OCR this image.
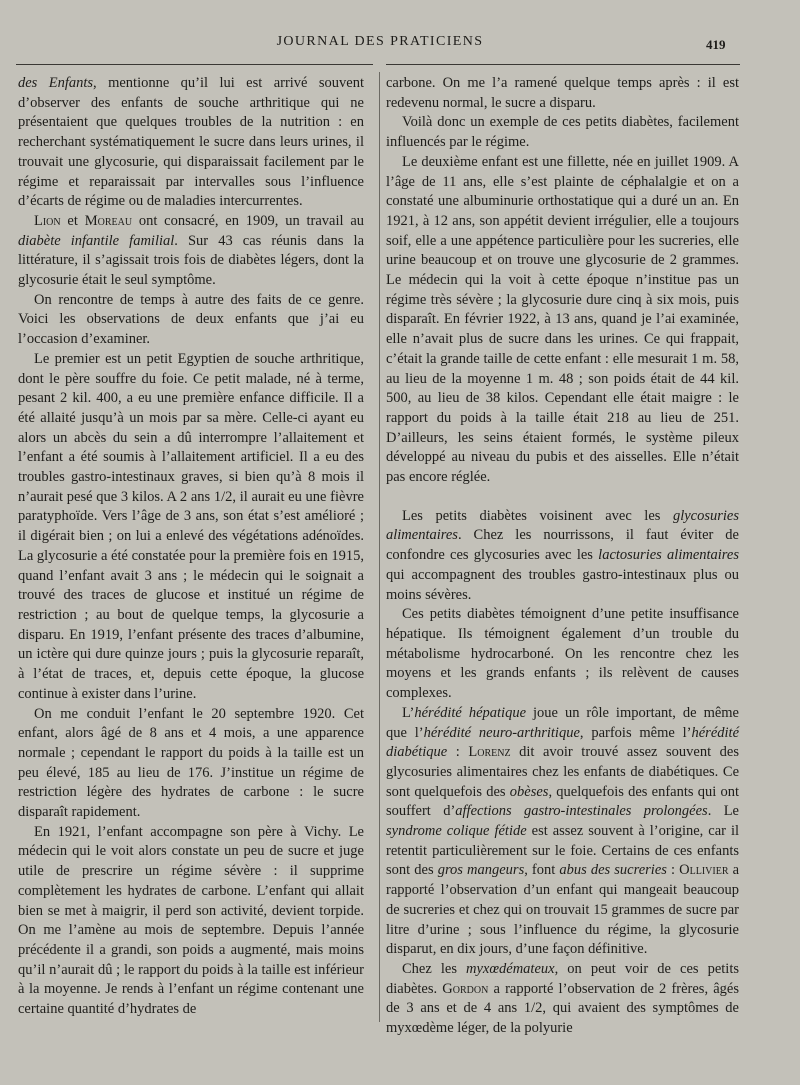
JOURNAL DES PRATICIENS	419

des Enfants, mentionne qu’il lui est arrivé souvent d’observer des enfants de souche arthritique qui ne présentaient que quelques troubles de la nutrition : en recherchant systématiquement le sucre dans leurs urines, il trouvait une glycosurie, qui disparaissait facilement par le régime et reparaissait par intervalles sous l’influence d’écarts de régime ou de maladies intercurrentes.

Lion et Moreau ont consacré, en 1909, un travail au diabète infantile familial. Sur 43 cas réunis dans la littérature, il s’agissait trois fois de diabètes légers, dont la glycosurie était le seul symptôme.

On rencontre de temps à autre des faits de ce genre. Voici les observations de deux enfants que j’ai eu l’occasion d’examiner.

Le premier est un petit Egyptien de souche arthritique, dont le père souffre du foie. Ce petit malade, né à terme, pesant 2 kil. 400, a eu une première enfance difficile. Il a été allaité jusqu’à un mois par sa mère. Celle-ci ayant eu alors un abcès du sein a dû interrompre l’allaitement et l’enfant a été soumis à l’allaitement artificiel. Il a eu des troubles gastro-intestinaux graves, si bien qu’à 8 mois il n’aurait pesé que 3 kilos. A 2 ans 1/2, il aurait eu une fièvre paratyphoïde. Vers l’âge de 3 ans, son état s’est amélioré ; il digérait bien ; on lui a enlevé des végétations adénoïdes. La glycosurie a été constatée pour la première fois en 1915, quand l’enfant avait 3 ans ; le médecin qui le soignait a trouvé des traces de glucose et institué un régime de restriction ; au bout de quelque temps, la glycosurie a disparu. En 1919, l’enfant présente des traces d’albumine, un ictère qui dure quinze jours ; puis la glycosurie reparaît, à l’état de traces, et, depuis cette époque, la glucose continue à exister dans l’urine.

On me conduit l’enfant le 20 septembre 1920. Cet enfant, alors âgé de 8 ans et 4 mois, a une apparence normale ; cependant le rapport du poids à la taille est un peu élevé, 185 au lieu de 176. J’institue un régime de restriction légère des hydrates de carbone : le sucre disparaît rapidement.

En 1921, l’enfant accompagne son père à Vichy. Le médecin qui le voit alors constate un peu de sucre et juge utile de prescrire un régime sévère : il supprime complètement les hydrates de carbone. L’enfant qui allait bien se met à maigrir, il perd son activité, devient torpide. On me l’amène au mois de septembre. Depuis l’année précédente il a grandi, son poids a augmenté, mais moins qu’il n’aurait dû ; le rapport du poids à la taille est inférieur à la moyenne. Je rends à l’enfant un régime contenant une certaine quantité d’hydrates de

carbone. On me l’a ramené quelque temps après : il est redevenu normal, le sucre a disparu.

Voilà donc un exemple de ces petits diabètes, facilement influencés par le régime.

Le deuxième enfant est une fillette, née en juillet 1909. A l’âge de 11 ans, elle s’est plainte de céphalalgie et on a constaté une albuminurie orthostatique qui a duré un an. En 1921, à 12 ans, son appétit devient irrégulier, elle a toujours soif, elle a une appétence particulière pour les sucreries, elle urine beaucoup et on trouve une glycosurie de 2 grammes. Le médecin qui la voit à cette époque n’institue pas un régime très sévère ; la glycosurie dure cinq à six mois, puis disparaît. En février 1922, à 13 ans, quand je l’ai examinée, elle n’avait plus de sucre dans les urines. Ce qui frappait, c’était la grande taille de cette enfant : elle mesurait 1 m. 58, au lieu de la moyenne 1 m. 48 ; son poids était de 44 kil. 500, au lieu de 38 kilos. Cependant elle était maigre : le rapport du poids à la taille était 218 au lieu de 251. D’ailleurs, les seins étaient formés, le système pileux développé au niveau du pubis et des aisselles. Elle n’était pas encore réglée.

Les petits diabètes voisinent avec les glycosuries alimentaires. Chez les nourrissons, il faut éviter de confondre ces glycosuries avec les lactosuries alimentaires qui accompagnent des troubles gastro-intestinaux plus ou moins sévères.

Ces petits diabètes témoignent d’une petite insuffisance hépatique. Ils témoignent également d’un trouble du métabolisme hydrocarboné. On les rencontre chez les moyens et les grands enfants ; ils relèvent de causes complexes.

L’hérédité hépatique joue un rôle important, de même que l’hérédité neuro-arthritique, parfois même l’hérédité diabétique : Lorenz dit avoir trouvé assez souvent des glycosuries alimentaires chez les enfants de diabétiques. Ce sont quelquefois des obèses, quelquefois des enfants qui ont souffert d’affections gastro-intestinales prolongées. Le syndrome colique fétide est assez souvent à l’origine, car il retentit particulièrement sur le foie. Certains de ces enfants sont des gros mangeurs, font abus des sucreries : Ollivier a rapporté l’observation d’un enfant qui mangeait beaucoup de sucreries et chez qui on trouvait 15 grammes de sucre par litre d’urine ; sous l’influence du régime, la glycosurie disparut, en dix jours, d’une façon définitive.

Chez les myxœdémateux, on peut voir de ces petits diabètes. Gordon a rapporté l’observation de 2 frères, âgés de 3 ans et de 4 ans 1/2, qui avaient des symptômes de myxœdème léger, de la polyurie
